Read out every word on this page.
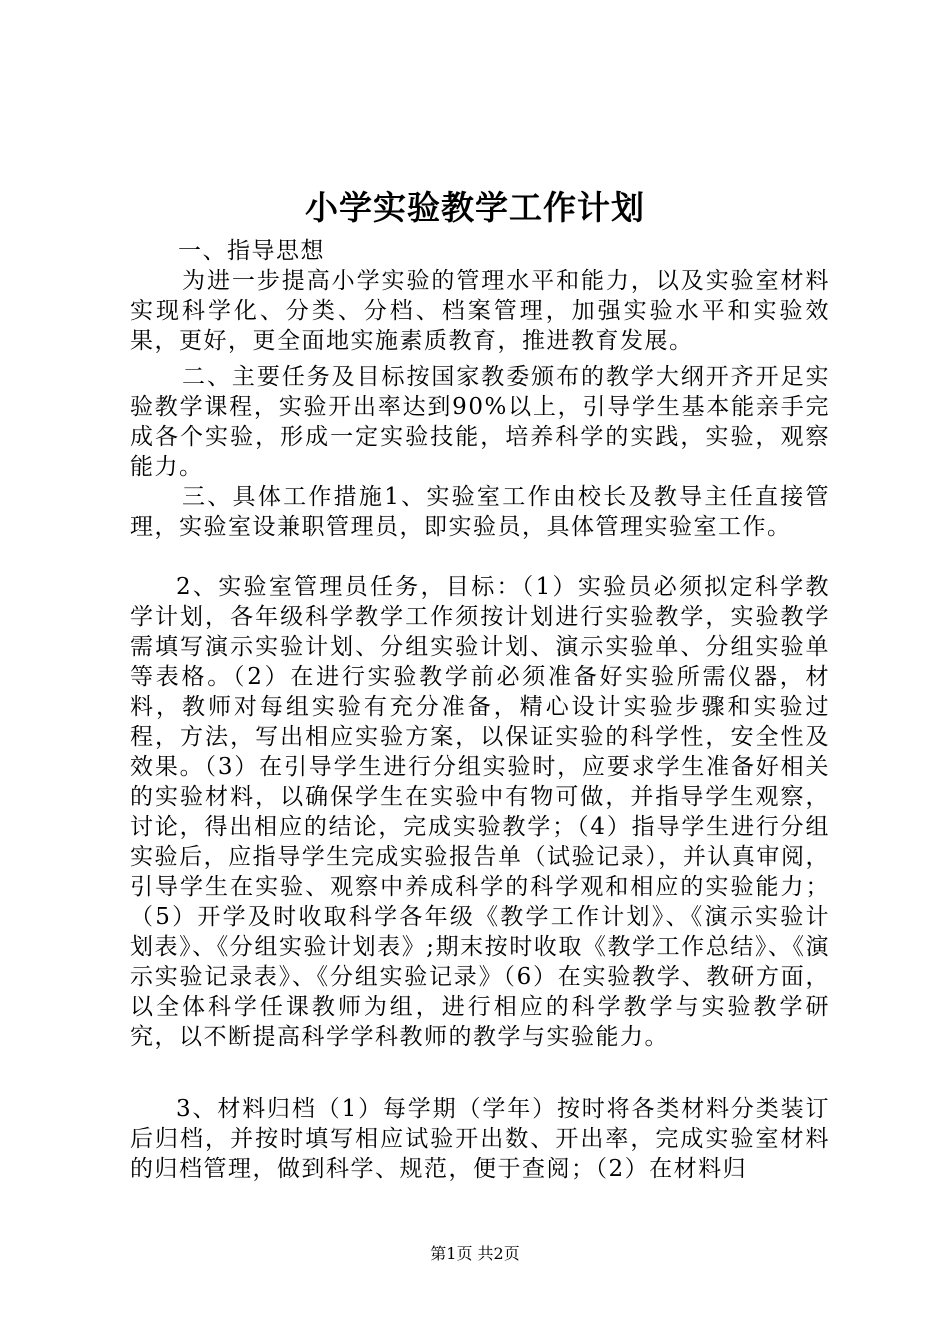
小学实验教学工作计划

一、指导思想

为进一步提高小学实验的管理水平和能力，以及实验室材料实现科学化、分类、分档、档案管理，加强实验水平和实验效果，更好，更全面地实施素质教育，推进教育发展。

二、主要任务及目标按国家教委颁布的教学大纲开齐开足实验教学课程，实验开出率达到90%以上，引导学生基本能亲手完成各个实验，形成一定实验技能，培养科学的实践，实验，观察能力。

三、具体工作措施1、实验室工作由校长及教导主任直接管理，实验室设兼职管理员，即实验员，具体管理实验室工作。

2、实验室管理员任务，目标：（1）实验员必须拟定科学教学计划，各年级科学教学工作须按计划进行实验教学，实验教学需填写演示实验计划、分组实验计划、演示实验单、分组实验单等表格。（2）在进行实验教学前必须准备好实验所需仪器，材料，教师对每组实验有充分准备，精心设计实验步骤和实验过程，方法，写出相应实验方案，以保证实验的科学性，安全性及效果。（3）在引导学生进行分组实验时，应要求学生准备好相关的实验材料，以确保学生在实验中有物可做，并指导学生观察，讨论，得出相应的结论，完成实验教学；（4）指导学生进行分组实验后，应指导学生完成实验报告单（试验记录），并认真审阅，引导学生在实验、观察中养成科学的科学观和相应的实验能力；（5）开学及时收取科学各年级《教学工作计划》、《演示实验计划表》、《分组实验计划表》;期末按时收取《教学工作总结》、《演示实验记录表》、《分组实验记录》（6）在实验教学、教研方面，以全体科学任课教师为组，进行相应的科学教学与实验教学研究，以不断提高科学学科教师的教学与实验能力。

3、材料归档（1）每学期（学年）按时将各类材料分类装订后归档，并按时填写相应试验开出数、开出率，完成实验室材料的归档管理，做到科学、规范，便于查阅；（2）在材料归

第1页 共2页
